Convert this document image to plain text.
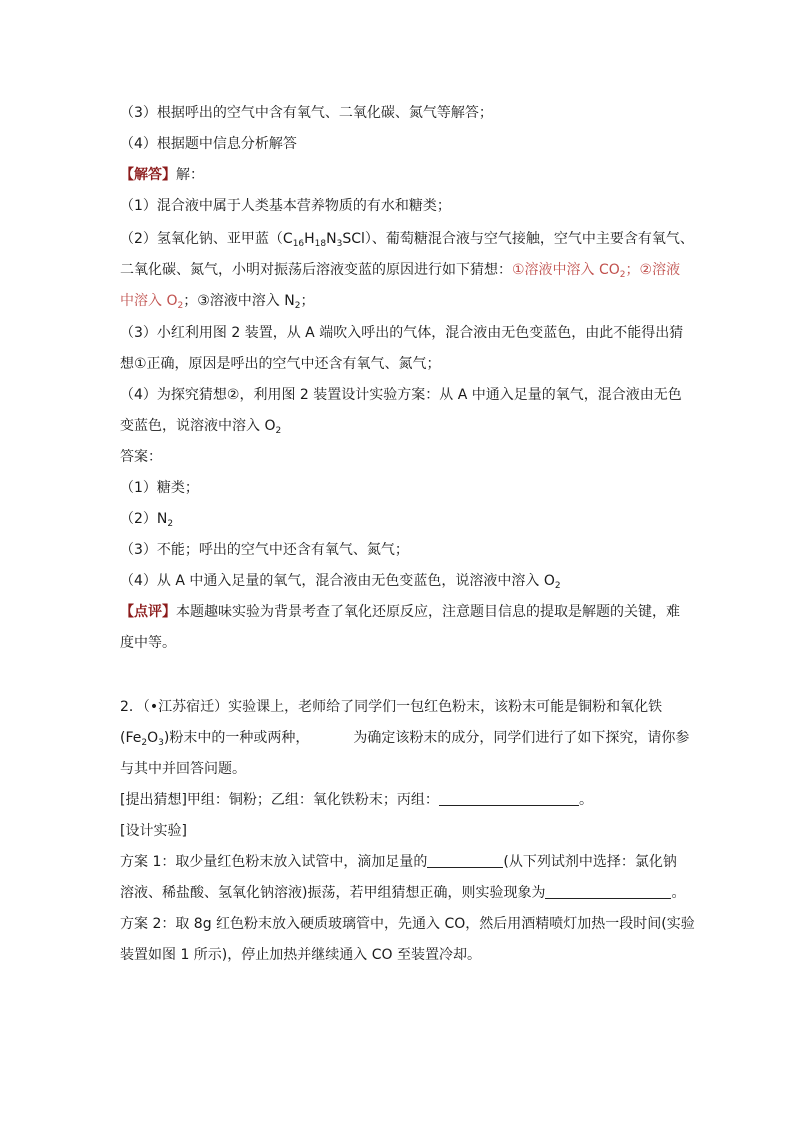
（3）根据呼出的空气中含有氧气、二氧化碳、氮气等解答；
（4）根据题中信息分析解答
【解答】解：
（1）混合液中属于人类基本营养物质的有水和糖类；
（2）氢氧化钠、亚甲蓝$(C_{16}H_{18}N_3SCl)$、葡萄糖混合液与空气接触，空气中主要含有氧气、
二氧化碳、氮气，小明对振荡后溶液变蓝的原因进行如下猜想：①溶液中溶入 $CO_2$；②溶液
中溶入 $O_2$；③溶液中溶入 $N_2$；
（3）小红利用图 2 装置，从 A 端吹入呼出的气体，混合液由无色变蓝色，由此不能得出猜
想①正确，原因是呼出的空气中还含有氧气、氮气；
（4）为探究猜想②，利用图 2 装置设计实验方案：从 A 中通入足量的氧气，混合液由无色
变蓝色，说溶液中溶入 $O_2$
答案：
（1）糖类；
$(2)N_2$
（3）不能；呼出的空气中还含有氧气、氮气；
（4）从 A 中通入足量的氧气，混合液由无色变蓝色，说溶液中溶入 $O_2$
【点评】本题趣味实验为背景考查了氧化还原反应，注意题目信息的提取是解题的关键，难
度中等。
2．（•江苏宿迁）实验课上，老师给了同学们一包红色粉末，该粉末可能是铜粉和氧化铁
$(Fe_2O_3)$粉末中的一种或两种，	为确定该粉末的成分，同学们进行了如下探究，请你参
与其中并回答问题。
[提出猜想]甲组：铜粉；乙组：氧化铁粉末；丙组：	。
[设计实验]
方案 1：取少量红色粉末放入试管中，滴加足量的	(从下列试剂中选择：氯化钠
溶液、稀盐酸、氢氧化钠溶液)振荡，若甲组猜想正确，则实验现象为	。
方案 2：取 8g 红色粉末放入硬质玻璃管中，先通入 CO，然后用酒精喷灯加热一段时间(实验
装置如图 1 所示)，停止加热并继续通入 CO 至装置冷却。
